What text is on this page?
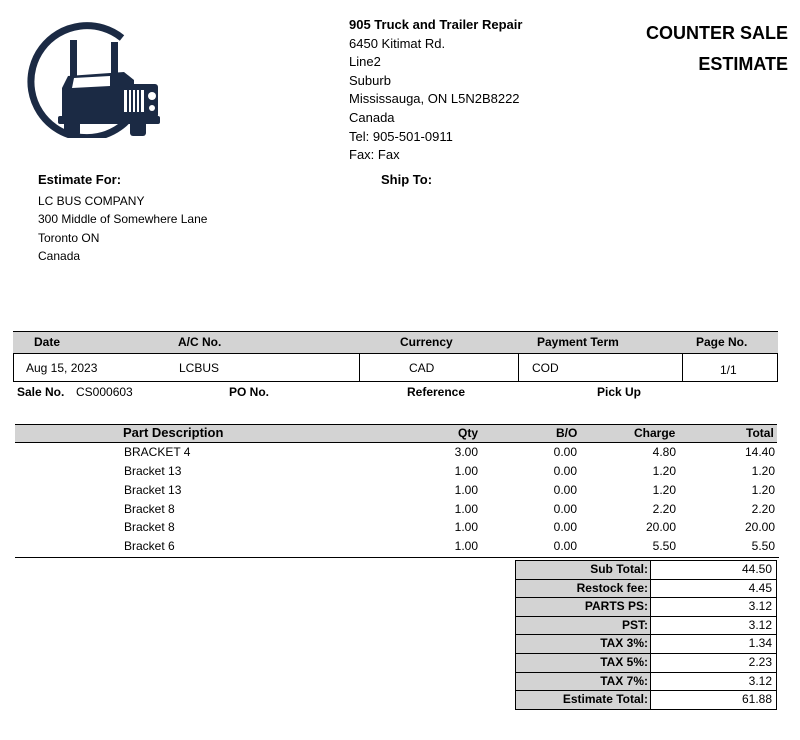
905 Truck and Trailer Repair
6450 Kitimat Rd.
Line2
Suburb
Mississauga, ON L5N2B8222
Canada
Tel: 905-501-0911
Fax: Fax
COUNTER SALE
ESTIMATE
Estimate For:
LC BUS COMPANY
300 Middle of Somewhere Lane
Toronto ON
Canada
Ship To:
Date	A/C No.	Currency	Payment Term	Page No.
Aug 15, 2023	LCBUS	CAD	COD	1/1
Sale No. CS000603	PO No.	Reference	Pick Up
Part Description	Qty	B/O	Charge	Total
BRACKET 4	3.00	0.00	4.80	14.40
Bracket 13	1.00	0.00	1.20	1.20
Bracket 13	1.00	0.00	1.20	1.20
Bracket 8	1.00	0.00	2.20	2.20
Bracket 8	1.00	0.00	20.00	20.00
Bracket 6	1.00	0.00	5.50	5.50
Sub Total:	44.50
Restock fee:	4.45
PARTS PS:	3.12
PST:	3.12
TAX 3%:	1.34
TAX 5%:	2.23
TAX 7%:	3.12
Estimate Total:	61.88
